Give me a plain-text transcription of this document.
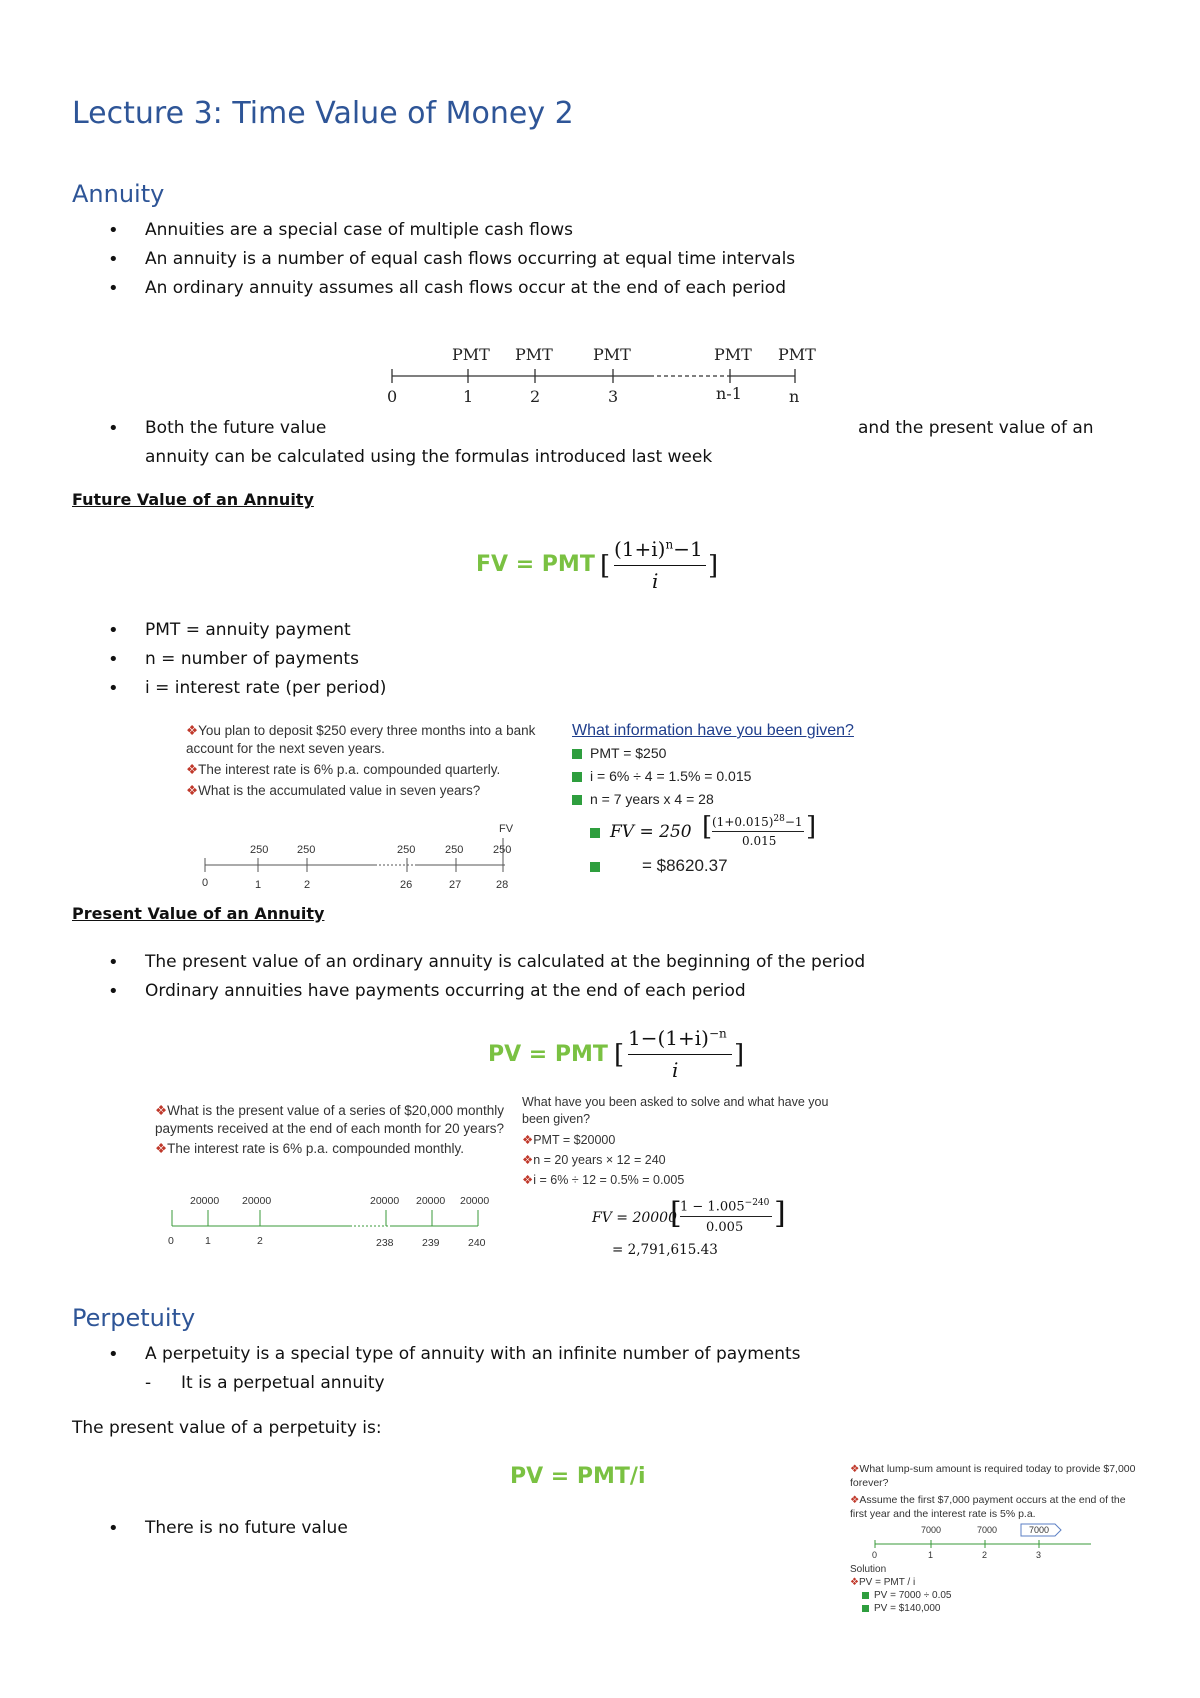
Lecture 3: Time Value of Money 2
Annuity
• Annuities are a special case of multiple cash flows
• An annuity is a number of equal cash flows occurring at equal time intervals
• An ordinary annuity assumes all cash flows occur at the end of each period
PMT PMT	PMT	PMT PMT
0	1	2	3	n-1	n
• Both the future value	and the present value of an
annuity can be calculated using the formulas introduced last week
Future Value of an Annuity
FV = PMT [
$(1+i)^n-1$
i ]
• PMT = annuity payment
• n = number of payments
• i = interest rate (per period)
❖You plan to deposit $250 every three months into a bank account for the next seven years.
❖The interest rate is 6% p.a. compounded quarterly.
❖What is the accumulated value in seven years?
FV
250	250	250	250	250
0	1	2	26	27	28
What information have you been given?
PMT = $250
i = 6% ÷ 4 = 1.5% = 0.015
n = 7 years x 4 = 28
FV = 250 [ $(1+0.015)^{28}-1$
0.015 ]
= $8620.37
Present Value of an Annuity
• The present value of an ordinary annuity is calculated at the beginning of the period
• Ordinary annuities have payments occurring at the end of each period
PV = PMT [
$1-(1+i)^{-n}$
i ]
❖What is the present value of a series of $20,000 monthly payments received at the end of each month for 20 years?
❖The interest rate is 6% p.a. compounded monthly.
20000 20000	20000 20000 20000
0	1	2	238	239	240
What have you been asked to solve and what have you been given?
❖PMT = $20000
❖n = 20 years × 12 = 240
❖i = 6% ÷ 12 = 0.5% = 0.005
FV = 20000
[
$1 - 1.005^{-240}$
0.005 ]
= 2,791,615.43
Perpetuity
• A perpetuity is a special type of annuity with an infinite number of payments
- It is a perpetual annuity
The present value of a perpetuity is:
PV = PMT/i
• There is no future value
❖What lump-sum amount is required today to provide $7,000 forever?
❖Assume the first $7,000 payment occurs at the end of the first year and the interest rate is 5% p.a.
7000	7000	7000
0	1	2	3
Solution
❖PV = PMT / i
PV = 7000 ÷ 0.05
PV = $140,000
